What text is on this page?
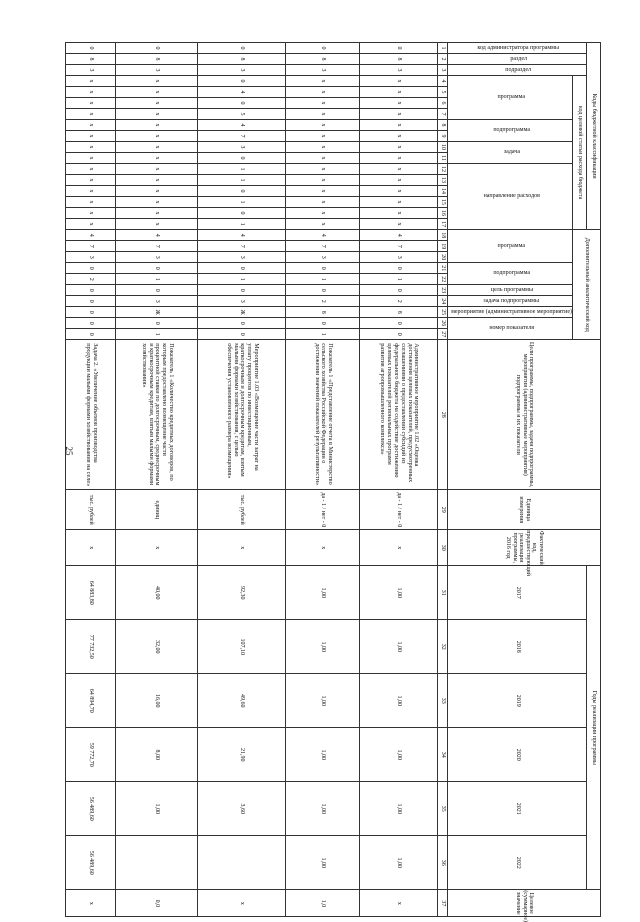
25
Коды бюджетной классификации																	Дополнительный аналитический код										Цели программы, подпрограммы, задачи подпрограммы, мероприятия (административные мероприятия) подпрограммы и их показатели	Единица измерения	Фактический код, предшествующий реализации программы, 2016 год	Годы реализации программы						Целевое (суммарное) значение
код администратора программы	раздел	подраздел	код целевой статьи расхода бюджета																											2017	2018	2019	2020	2021	2022	
			программа				подпрограмма		задача		направление расходов						программа			подпрограмма		цель программы	задача подпрограммы	мероприятие (административное мероприятие)	номер показателя											
1	2	3	4	5	6	7	8	9	10	11	12	13	14	15	16	17	18	19	20	21	22	23	24	25	26	27	28	29	30	31	32	33	34	35	36	37
0	8	3	х	х	х	х	х	х	х	х	х	х	х	х	х	х	4	7	3	0	1	0	2	8	0	0	Административное мероприятие 1.02 «Оценка достижения целевых показателей, предусмотренных соглашениями о предоставлении субсидий из федерального бюджета на содействие достижению целевых показателей региональных программ развития агропромышленного комплекса»	да - 1 / нет - 0	х	1,00	1,00	1,00	1,00	1,00	1,00	х
0	8	3	х	х	х	х	х	х	х	х	х	х	х	х	х	х	4	7	3	0	1	0	2	8	0	1	Показатель 1 «Представление отчета в Министерство сельского хозяйства Российской Федерации о достижении значений показателей результативности»	да - 1 / нет - 0	х	1,00	1,00	1,00	1,00	1,00	1,00	1,0
0	8	3	0	4	0	5	4	7	3	0	1	1	0	1	0	1	4	7	3	0	1	0	3	Ж	0	0	Мероприятие 1.03 «Возмещение части затрат на уплату процентов по инвестиционным, краткосрочным и долгосрочным кредитам, взятым малыми формами хозяйствования, с целью обеспечения установленного размера возмещения»	тыс. рублей	х	92,30	107,10	49,60	21,90	3,60		х
0	8	3	х	х	х	х	х	х	х	х	х	х	х	х	х	х	4	7	3	0	1	0	3	Ж	0	1	Показатель 1 «Количество кредитных договоров, по которым предоставлено возмещение части процентной ставки по долгосрочным, среднесрочным и краткосрочным кредитам, взятым малыми формами хозяйствования»	единиц	х	40,00	32,00	16,00	8,00	1,00		0,0
0	8	3	х	х	х	х	х	х	х	х	х	х	х	х	х	х	4	7	3	0	2	0	0	0	0	0	Задача 2. «Увеличение объемов производства продукции малыми формами хозяйствования на селе»	тыс. рублей	х	64 883,80	77 732,50	64 894,70	59 772,70	56 489,60	56 489,60	х
